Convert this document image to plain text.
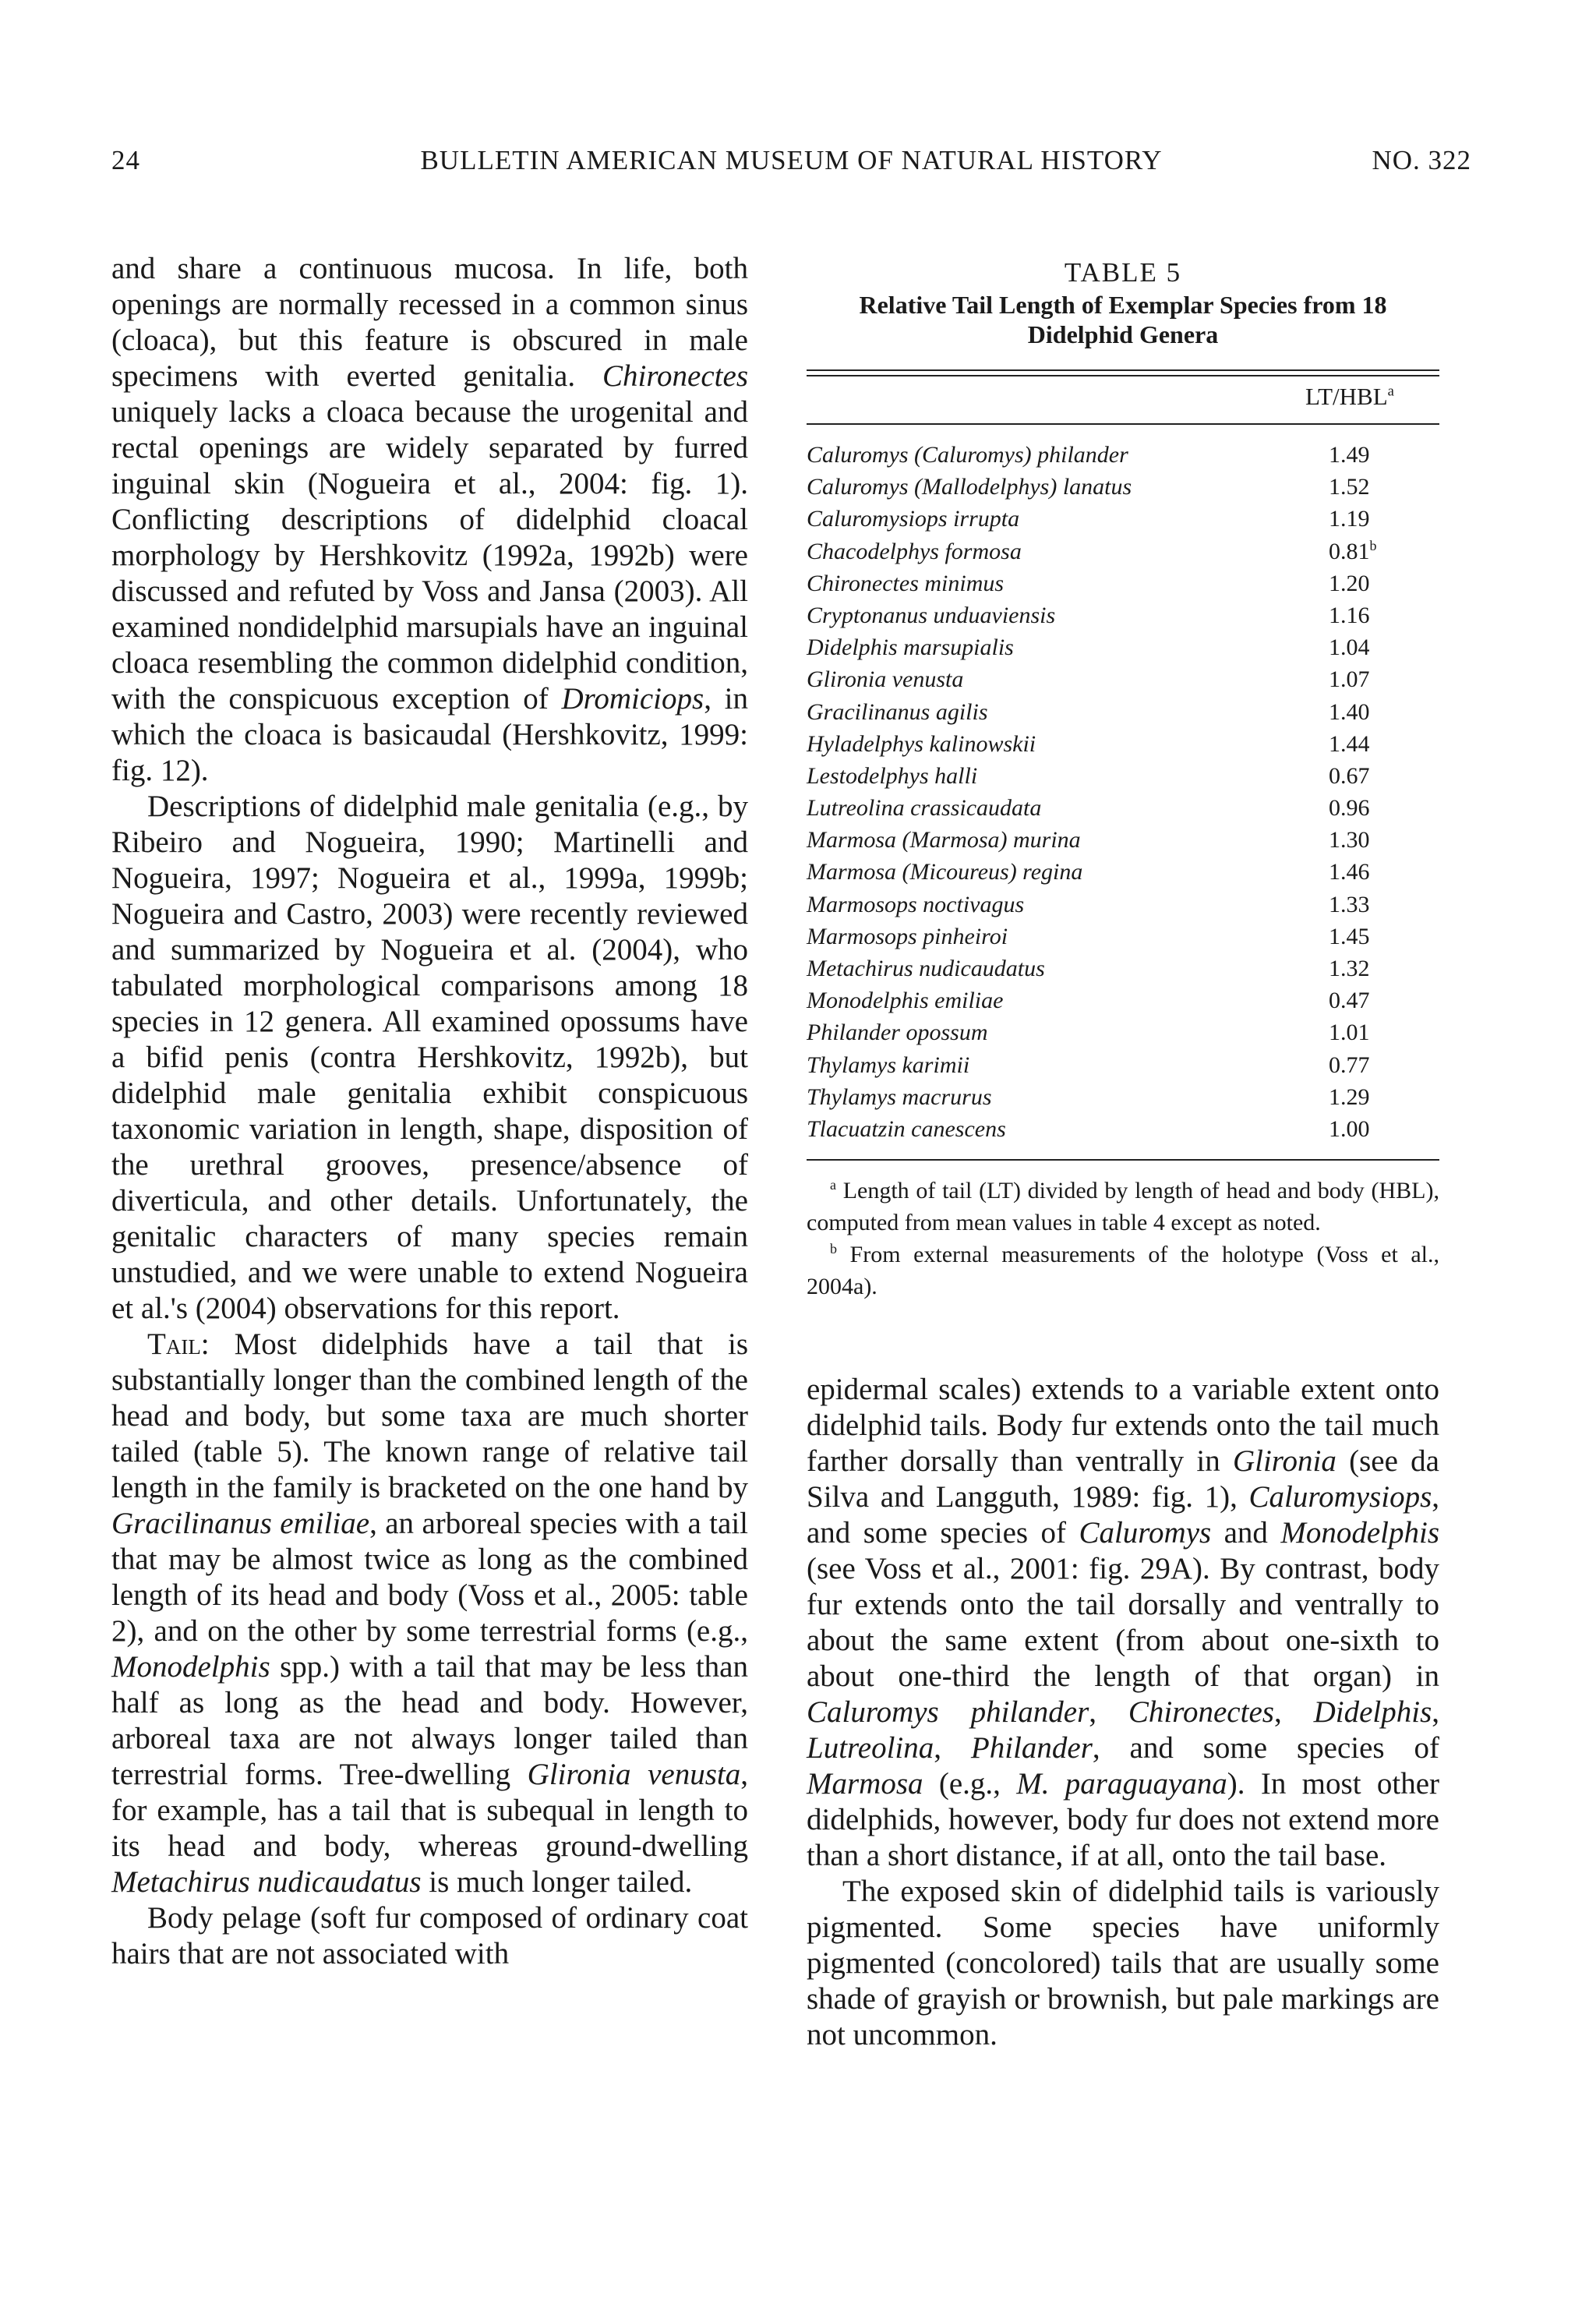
24	BULLETIN AMERICAN MUSEUM OF NATURAL HISTORY	NO. 322

and share a continuous mucosa. In life, both openings are normally recessed in a common sinus (cloaca), but this feature is obscured in male specimens with everted genitalia. Chironectes uniquely lacks a cloaca because the urogenital and rectal openings are widely separated by furred inguinal skin (Nogueira et al., 2004: fig. 1). Conflicting descriptions of didelphid cloacal morphology by Hershkovitz (1992a, 1992b) were discussed and refuted by Voss and Jansa (2003). All examined nondidelphid marsupials have an inguinal cloaca resembling the common didelphid condition, with the conspicuous exception of Dromiciops, in which the cloaca is basicaudal (Hershkovitz, 1999: fig. 12).

Descriptions of didelphid male genitalia (e.g., by Ribeiro and Nogueira, 1990; Martinelli and Nogueira, 1997; Nogueira et al., 1999a, 1999b; Nogueira and Castro, 2003) were recently reviewed and summarized by Nogueira et al. (2004), who tabulated morphological comparisons among 18 species in 12 genera. All examined opossums have a bifid penis (contra Hershkovitz, 1992b), but didelphid male genitalia exhibit conspicuous taxonomic variation in length, shape, disposition of the urethral grooves, presence/absence of diverticula, and other details. Unfortunately, the genitalic characters of many species remain unstudied, and we were unable to extend Nogueira et al.'s (2004) observations for this report.

Tail: Most didelphids have a tail that is substantially longer than the combined length of the head and body, but some taxa are much shorter tailed (table 5). The known range of relative tail length in the family is bracketed on the one hand by Gracilinanus emiliae, an arboreal species with a tail that may be almost twice as long as the combined length of its head and body (Voss et al., 2005: table 2), and on the other by some terrestrial forms (e.g., Monodelphis spp.) with a tail that may be less than half as long as the head and body. However, arboreal taxa are not always longer tailed than terrestrial forms. Tree-dwelling Glironia venusta, for example, has a tail that is subequal in length to its head and body, whereas ground-dwelling Metachirus nudicaudatus is much longer tailed.

Body pelage (soft fur composed of ordinary coat hairs that are not associated with

TABLE 5
Relative Tail Length of Exemplar Species from 18 Didelphid Genera
LT/HBL$^a$
Caluromys (Caluromys) philander	1.49
Caluromys (Mallodelphys) lanatus	1.52
Caluromysiops irrupta	1.19
Chacodelphys formosa	0.81$^b$
Chironectes minimus	1.20
Cryptonanus unduaviensis	1.16
Didelphis marsupialis	1.04
Glironia venusta	1.07
Gracilinanus agilis	1.40
Hyladelphys kalinowskii	1.44
Lestodelphys halli	0.67
Lutreolina crassicaudata	0.96
Marmosa (Marmosa) murina	1.30
Marmosa (Micoureus) regina	1.46
Marmosops noctivagus	1.33
Marmosops pinheiroi	1.45
Metachirus nudicaudatus	1.32
Monodelphis emiliae	0.47
Philander opossum	1.01
Thylamys karimii	0.77
Thylamys macrurus	1.29
Tlacuatzin canescens	1.00

$^a$ Length of tail (LT) divided by length of head and body (HBL), computed from mean values in table 4 except as noted.

$^b$ From external measurements of the holotype (Voss et al., 2004a).

epidermal scales) extends to a variable extent onto didelphid tails. Body fur extends onto the tail much farther dorsally than ventrally in Glironia (see da Silva and Langguth, 1989: fig. 1), Caluromysiops, and some species of Caluromys and Monodelphis (see Voss et al., 2001: fig. 29A). By contrast, body fur extends onto the tail dorsally and ventrally to about the same extent (from about one-sixth to about one-third the length of that organ) in Caluromys philander, Chironectes, Didelphis, Lutreolina, Philander, and some species of Marmosa (e.g., M. paraguayana). In most other didelphids, however, body fur does not extend more than a short distance, if at all, onto the tail base.

The exposed skin of didelphid tails is variously pigmented. Some species have uniformly pigmented (concolored) tails that are usually some shade of grayish or brownish, but pale markings are not uncommon.
